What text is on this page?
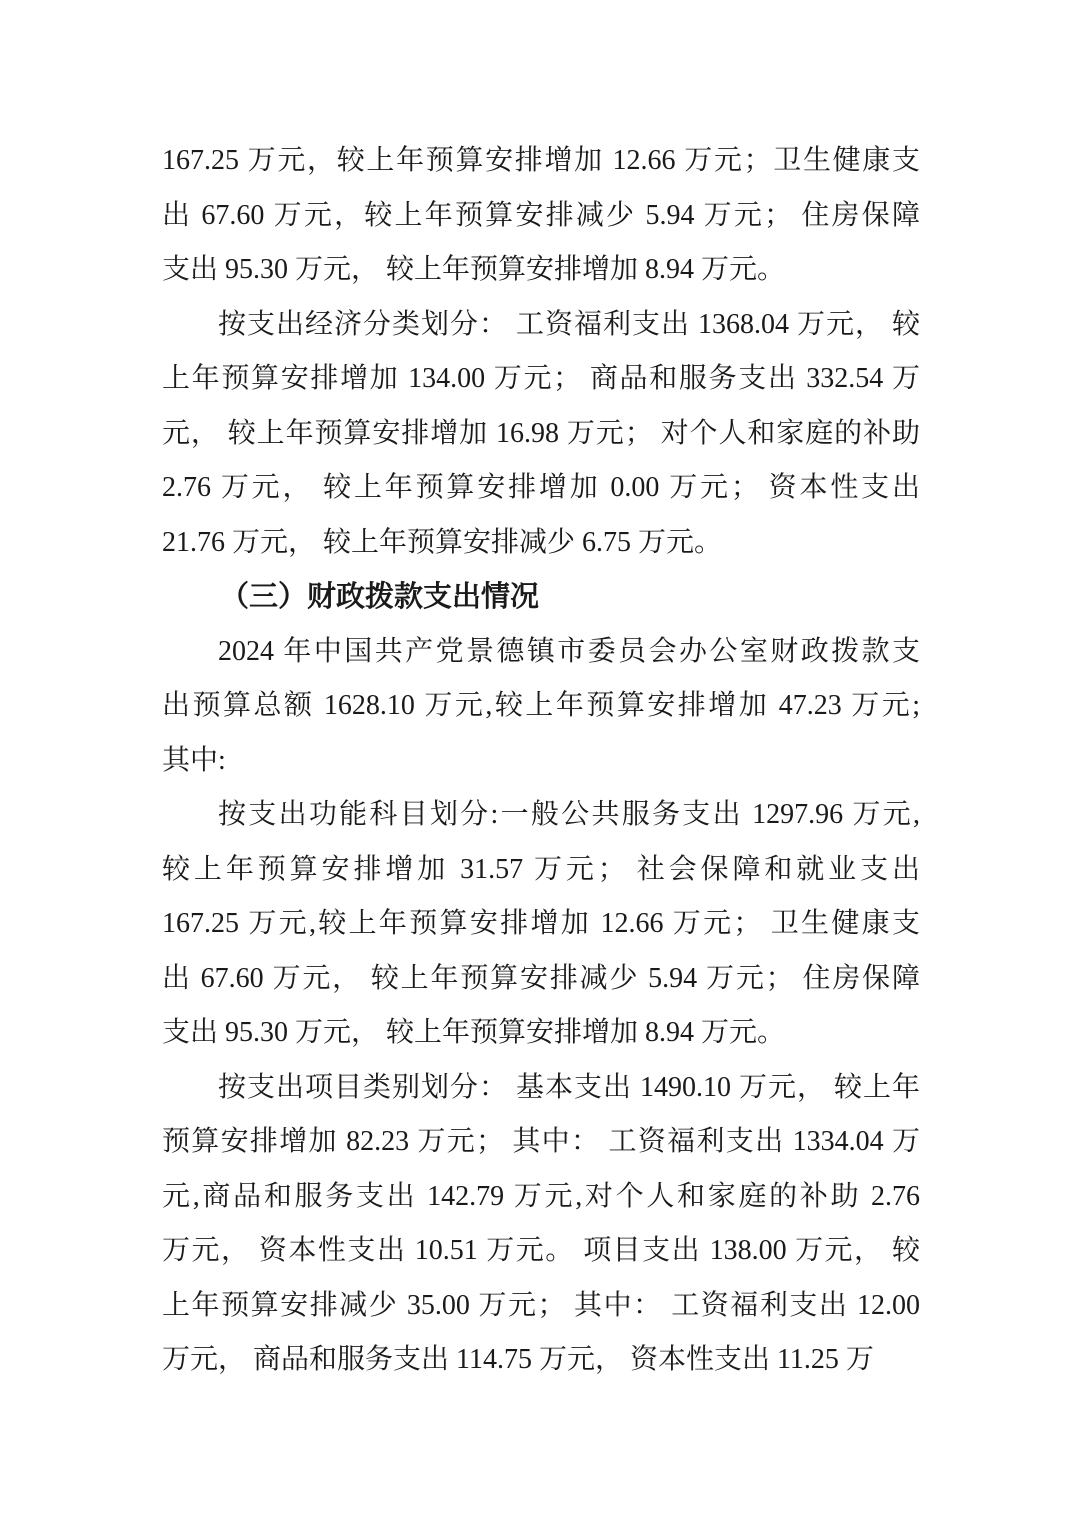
167.25 万元，较上年预算安排增加 12.66 万元；卫生健康支
出 67.60 万元，较上年预算安排减少 5.94 万元； 住房保障
支出 95.30 万元， 较上年预算安排增加 8.94 万元。
按支出经济分类划分： 工资福利支出 1368.04 万元， 较
上年预算安排增加 134.00 万元； 商品和服务支出 332.54 万
元， 较上年预算安排增加 16.98 万元； 对个人和家庭的补助
2.76 万元， 较上年预算安排增加 0.00 万元； 资本性支出
21.76 万元， 较上年预算安排减少 6.75 万元。
（三）财政拨款支出情况
2024 年中国共产党景德镇市委员会办公室财政拨款支
出预算总额 1628.10 万元,较上年预算安排增加 47.23 万元;
其中:
按支出功能科目划分:一般公共服务支出 1297.96 万元,
较上年预算安排增加 31.57 万元； 社会保障和就业支出
167.25 万元,较上年预算安排增加 12.66 万元； 卫生健康支
出 67.60 万元， 较上年预算安排减少 5.94 万元； 住房保障
支出 95.30 万元， 较上年预算安排增加 8.94 万元。
按支出项目类别划分： 基本支出 1490.10 万元， 较上年
预算安排增加 82.23 万元； 其中： 工资福利支出 1334.04 万
元,商品和服务支出 142.79 万元,对个人和家庭的补助 2.76
万元， 资本性支出 10.51 万元。 项目支出 138.00 万元， 较
上年预算安排减少 35.00 万元； 其中： 工资福利支出 12.00
万元， 商品和服务支出 114.75 万元， 资本性支出 11.25 万
